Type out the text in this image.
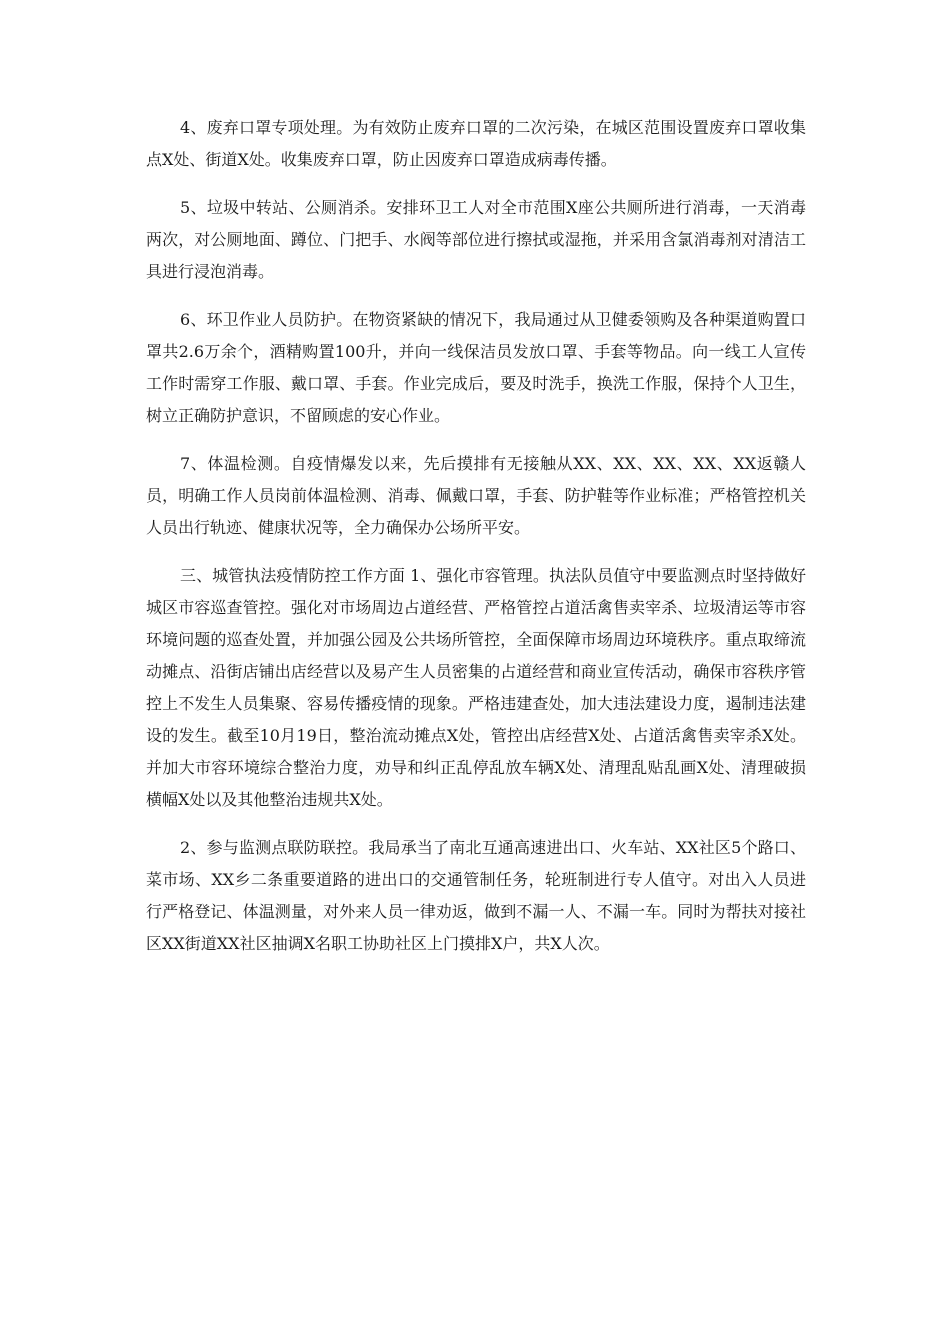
4、废弃口罩专项处理。为有效防止废弃口罩的二次污染，在城区范围设置废弃口罩收集点X处、街道X处。收集废弃口罩，防止因废弃口罩造成病毒传播。

5、垃圾中转站、公厕消杀。安排环卫工人对全市范围X座公共厕所进行消毒，一天消毒两次，对公厕地面、蹲位、门把手、水阀等部位进行擦拭或湿拖，并采用含氯消毒剂对清洁工具进行浸泡消毒。

6、环卫作业人员防护。在物资紧缺的情况下，我局通过从卫健委领购及各种渠道购置口罩共2.6万余个，酒精购置100升，并向一线保洁员发放口罩、手套等物品。向一线工人宣传工作时需穿工作服、戴口罩、手套。作业完成后，要及时洗手，换洗工作服，保持个人卫生，树立正确防护意识，不留顾虑的安心作业。

7、体温检测。自疫情爆发以来，先后摸排有无接触从XX、XX、XX、XX、XX返赣人员，明确工作人员岗前体温检测、消毒、佩戴口罩，手套、防护鞋等作业标准；严格管控机关人员出行轨迹、健康状况等，全力确保办公场所平安。

三、城管执法疫情防控工作方面 1、强化市容管理。执法队员值守中要监测点时坚持做好城区市容巡查管控。强化对市场周边占道经营、严格管控占道活禽售卖宰杀、垃圾清运等市容环境问题的巡查处置，并加强公园及公共场所管控，全面保障市场周边环境秩序。重点取缔流动摊点、沿街店铺出店经营以及易产生人员密集的占道经营和商业宣传活动，确保市容秩序管控上不发生人员集聚、容易传播疫情的现象。严格违建查处，加大违法建设力度，遏制违法建设的发生。截至10月19日，整治流动摊点X处，管控出店经营X处、占道活禽售卖宰杀X处。并加大市容环境综合整治力度，劝导和纠正乱停乱放车辆X处、清理乱贴乱画X处、清理破损横幅X处以及其他整治违规共X处。

2、参与监测点联防联控。我局承当了南北互通高速进出口、火车站、XX社区5个路口、菜市场、XX乡二条重要道路的进出口的交通管制任务，轮班制进行专人值守。对出入人员进行严格登记、体温测量，对外来人员一律劝返，做到不漏一人、不漏一车。同时为帮扶对接社区XX街道XX社区抽调X名职工协助社区上门摸排X户，共X人次。
